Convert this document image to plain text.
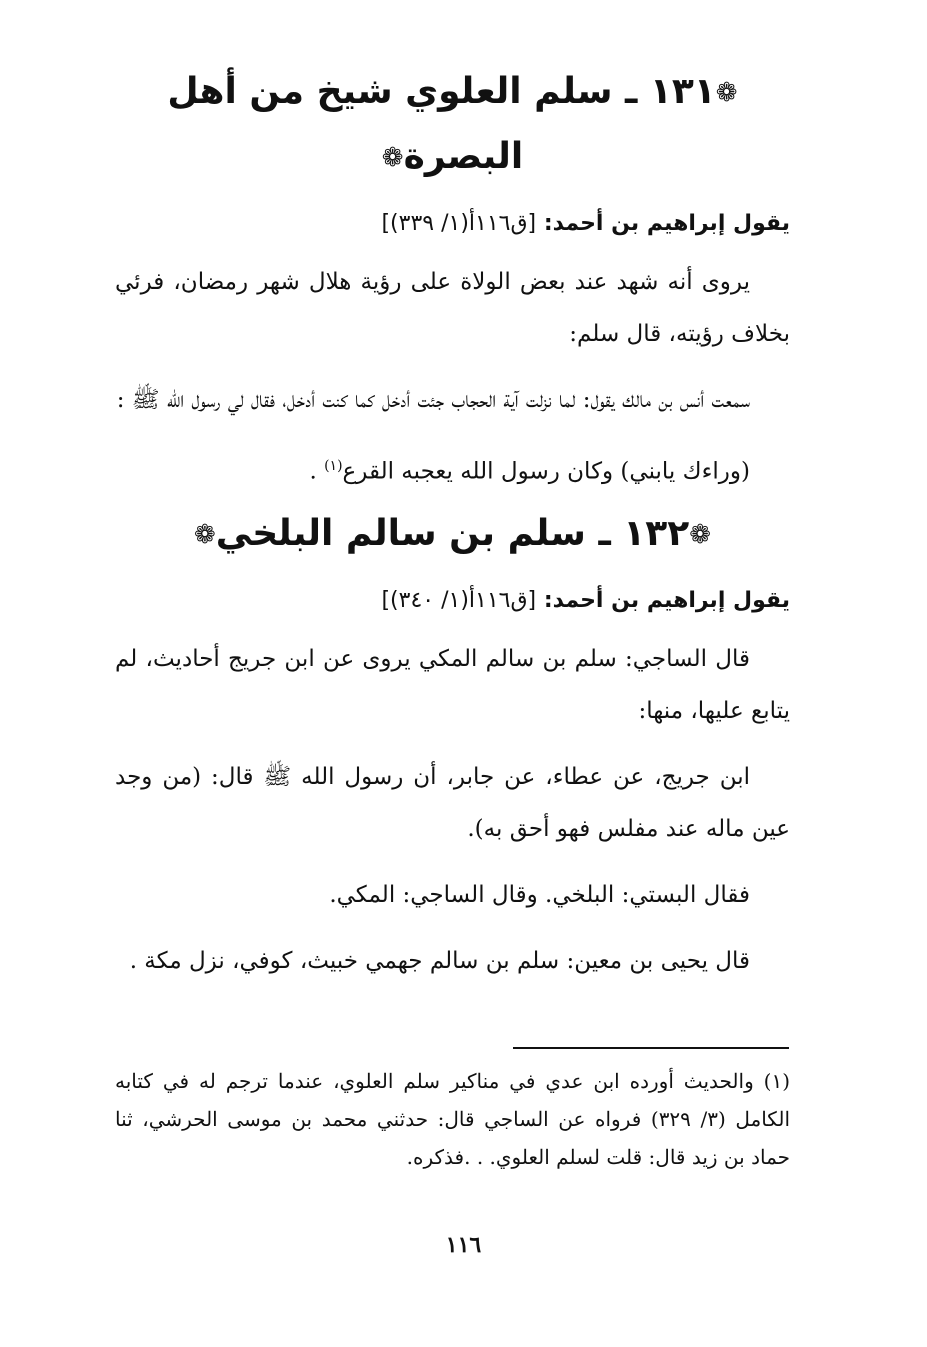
❁١٣١ ـ سلم العلوي شيخ من أهل البصرة❁
يقول إبراهيم بن أحمد: [ق١١٦أ(١/ ٣٣٩)]

يروى أنه شهد عند بعض الولاة على رؤية هلال شهر رمضان، فرئي بخلاف رؤيته، قال سلم:

سمعت أنس بن مالك يقول: لما نزلت آية الحجاب جئت أدخل كما كنت أدخل، فقال لي رسول الله ﷺ :

(وراءك يابني) وكان رسول الله يعجبه القرع$^{(١)}$ .

❁١٣٢ ـ سلم بن سالم البلخي❁
يقول إبراهيم بن أحمد: [ق١١٦أ(١/ ٣٤٠)]

قال الساجي: سلم بن سالم المكي يروى عن ابن جريج أحاديث، لم يتابع عليها، منها:

ابن جريج، عن عطاء، عن جابر، أن رسول الله ﷺ قال: (من وجد عين ماله عند مفلس فهو أحق به).

فقال البستي: البلخي. وقال الساجي: المكي.

قال يحيى بن معين: سلم بن سالم جهمي خبيث، كوفي، نزل مكة .

(١) والحديث أورده ابن عدي في مناكير سلم العلوي، عندما ترجم له في كتابه الكامل (٣/ ٣٢٩) فرواه عن الساجي قال: حدثني محمد بن موسى الحرشي، ثنا حماد بن زيد قال: قلت لسلم العلوي. . .فذكره.

١١٦
